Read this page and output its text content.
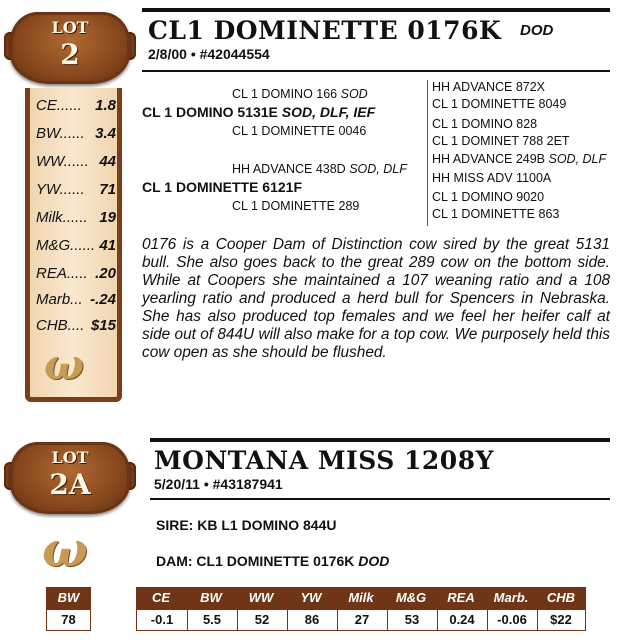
LOT
2
CE...... 1.8
BW...... 3.4
WW...... 44
YW...... 71
Milk...... 19
M&G...... 41
REA..... .20
Marb... -.24
CHB.... $15
ω
CL1 DOMINETTE 0176K DOD
2/8/00 • #42044554
CL 1 DOMINO 166 SOD
CL 1 DOMINO 5131E SOD, DLF, IEF
CL 1 DOMINETTE 0046
HH ADVANCE 872X
CL 1 DOMINETTE 8049
CL 1 DOMINO 828
CL 1 DOMINET 788 2ET
HH ADVANCE 438D SOD, DLF
CL 1 DOMINETTE 6121F
CL 1 DOMINETTE 289
HH ADVANCE 249B SOD, DLF
HH MISS ADV 1100A
CL 1 DOMINO 9020
CL 1 DOMINETTE 863
0176 is a Cooper Dam of Distinction cow sired by the great 5131 bull. She also goes back to the great 289 cow on the bottom side. While at Coopers she maintained a 107 weaning ratio and a 108 yearling ratio and produced a herd bull for Spencers in Nebraska. She has also produced top females and we feel her heifer calf at side out of 844U will also make for a top cow. We purposely held this cow open as she should be flushed.
LOT
2A
MONTANA MISS 1208Y
5/20/11 • #43187941
SIRE: KB L1 DOMINO 844U
DAM: CL1 DOMINETTE 0176K DOD
ω
BW
78
CE	BW	WW	YW	Milk	M&G	REA	Marb.	CHB
-0.1	5.5	52	86	27	53	0.24	-0.06	$22
